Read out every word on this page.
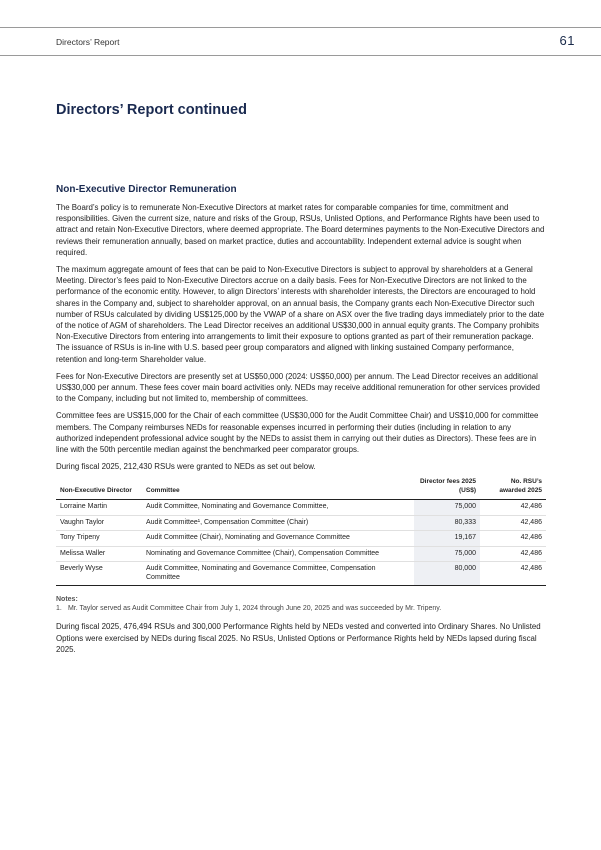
Directors’ Report	61
Directors’ Report continued
Non-Executive Director Remuneration

The Board’s policy is to remunerate Non-Executive Directors at market rates for comparable companies for time, commitment and responsibilities. Given the current size, nature and risks of the Group, RSUs, Unlisted Options, and Performance Rights have been used to attract and retain Non-Executive Directors, where deemed appropriate. The Board determines payments to the Non-Executive Directors and reviews their remuneration annually, based on market practice, duties and accountability. Independent external advice is sought when required.

The maximum aggregate amount of fees that can be paid to Non-Executive Directors is subject to approval by shareholders at a General Meeting. Director’s fees paid to Non-Executive Directors accrue on a daily basis. Fees for Non-Executive Directors are not linked to the performance of the economic entity. However, to align Directors’ interests with shareholder interests, the Directors are encouraged to hold shares in the Company and, subject to shareholder approval, on an annual basis, the Company grants each Non-Executive Director such number of RSUs calculated by dividing US$125,000 by the VWAP of a share on ASX over the five trading days immediately prior to the date of the notice of AGM of shareholders. The Lead Director receives an additional US$30,000 in annual equity grants. The Company prohibits Non-Executive Directors from entering into arrangements to limit their exposure to options granted as part of their remuneration package. The issuance of RSUs is in-line with U.S. based peer group comparators and aligned with linking sustained Company performance, retention and long-term Shareholder value.

Fees for Non-Executive Directors are presently set at US$50,000 (2024: US$50,000) per annum. The Lead Director receives an additional US$30,000 per annum. These fees cover main board activities only. NEDs may receive additional remuneration for other services provided to the Company, including but not limited to, membership of committees.

Committee fees are US$15,000 for the Chair of each committee (US$30,000 for the Audit Committee Chair) and US$10,000 for committee members. The Company reimburses NEDs for reasonable expenses incurred in performing their duties (including in relation to any authorized independent professional advice sought by the NEDs to assist them in carrying out their duties as Directors). These fees are in line with the 50th percentile median against the benchmarked peer comparator groups.

During fiscal 2025, 212,430 RSUs were granted to NEDs as set out below.

Non-Executive Director	Committee	Director fees 2025 (US$)	No. RSU’s awarded 2025
Lorraine Martin	Audit Committee, Nominating and Governance Committee,	75,000	42,486
Vaughn Taylor	Audit Committee¹, Compensation Committee (Chair)	80,333	42,486
Tony Tripeny	Audit Committee (Chair), Nominating and Governance Committee	19,167	42,486
Melissa Waller	Nominating and Governance Committee (Chair), Compensation Committee	75,000	42,486
Beverly Wyse	Audit Committee, Nominating and Governance Committee, Compensation Committee	80,000	42,486
Notes:
1. Mr. Taylor served as Audit Committee Chair from July 1, 2024 through June 20, 2025 and was succeeded by Mr. Tripeny.

During fiscal 2025, 476,494 RSUs and 300,000 Performance Rights held by NEDs vested and converted into Ordinary Shares. No Unlisted Options were exercised by NEDs during fiscal 2025. No RSUs, Unlisted Options or Performance Rights held by NEDs lapsed during fiscal 2025.
